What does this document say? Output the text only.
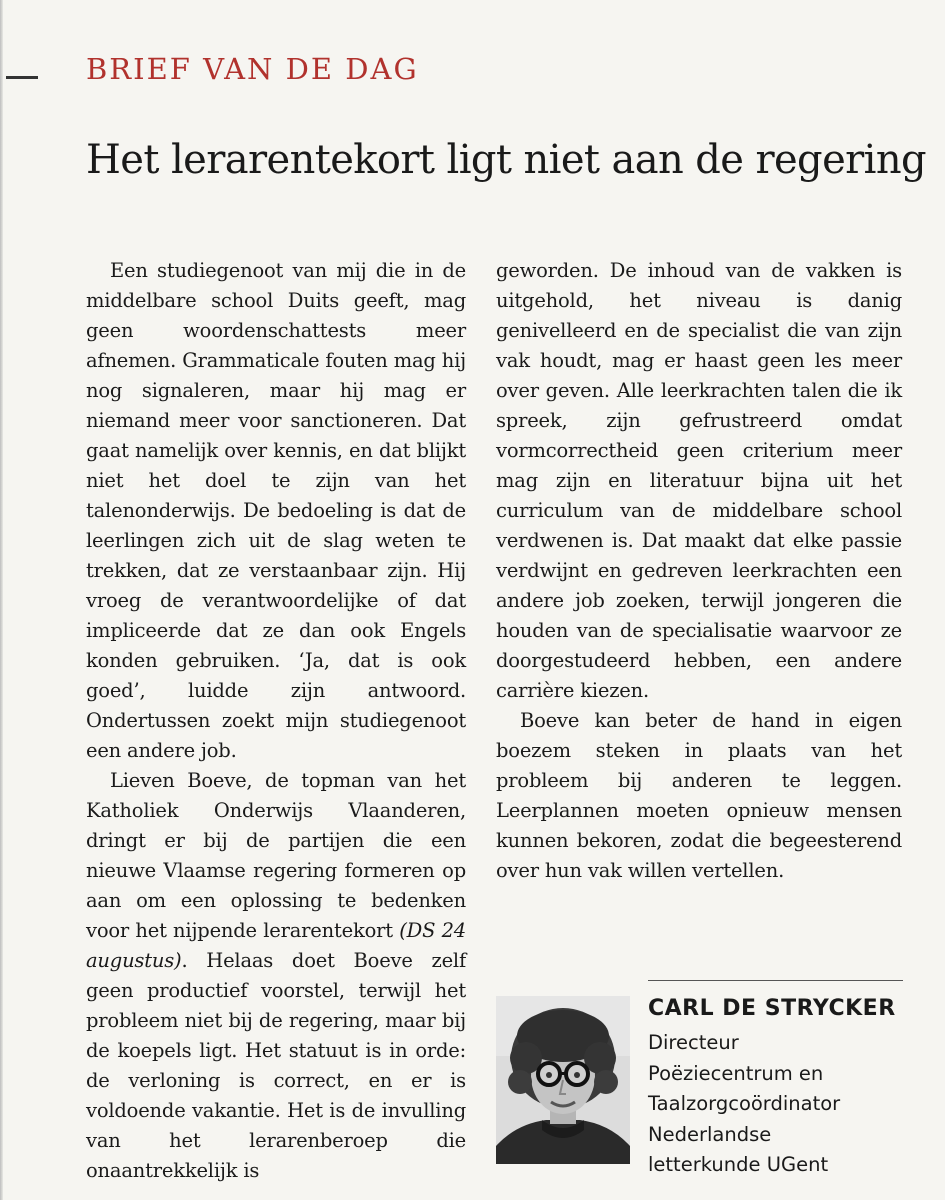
BRIEF VAN DE DAG
Het lerarentekort ligt niet aan de regering

Een studiegenoot van mij die in de middelbare school Duits geeft, mag geen woordenschattests meer afnemen. Grammaticale fouten mag hij nog signaleren, maar hij mag er niemand meer voor sanctioneren. Dat gaat namelijk over kennis, en dat blijkt niet het doel te zijn van het talenonderwijs. De bedoeling is dat de leerlingen zich uit de slag weten te trekken, dat ze verstaanbaar zijn. Hij vroeg de verantwoordelijke of dat impliceerde dat ze dan ook Engels konden gebruiken. ‘Ja, dat is ook goed’, luidde zijn antwoord. Ondertussen zoekt mijn studiegenoot een andere job.

Lieven Boeve, de topman van het Katholiek Onderwijs Vlaanderen, dringt er bij de partijen die een nieuwe Vlaamse regering formeren op aan om een oplossing te bedenken voor het nijpende lerarentekort (DS 24 augustus). Helaas doet Boeve zelf geen productief voorstel, terwijl het probleem niet bij de regering, maar bij de koepels ligt. Het statuut is in orde: de verloning is correct, en er is voldoende vakantie. Het is de invulling van het lerarenberoep die onaantrekkelijk is

geworden. De inhoud van de vakken is uitgehold, het niveau is danig genivelleerd en de specialist die van zijn vak houdt, mag er haast geen les meer over geven. Alle leerkrachten talen die ik spreek, zijn gefrustreerd omdat vormcorrectheid geen criterium meer mag zijn en literatuur bijna uit het curriculum van de middelbare school verdwenen is. Dat maakt dat elke passie verdwijnt en gedreven leerkrachten een andere job zoeken, terwijl jongeren die houden van de specialisatie waarvoor ze doorgestudeerd hebben, een andere carrière kiezen.

Boeve kan beter de hand in eigen boezem steken in plaats van het probleem bij anderen te leggen. Leerplannen moeten opnieuw mensen kunnen bekoren, zodat die begeesterend over hun vak willen vertellen.

CARL DE STRYCKER
Directeur
Poëziecentrum en
Taalzorgcoördinator
Nederlandse
letterkunde UGent
